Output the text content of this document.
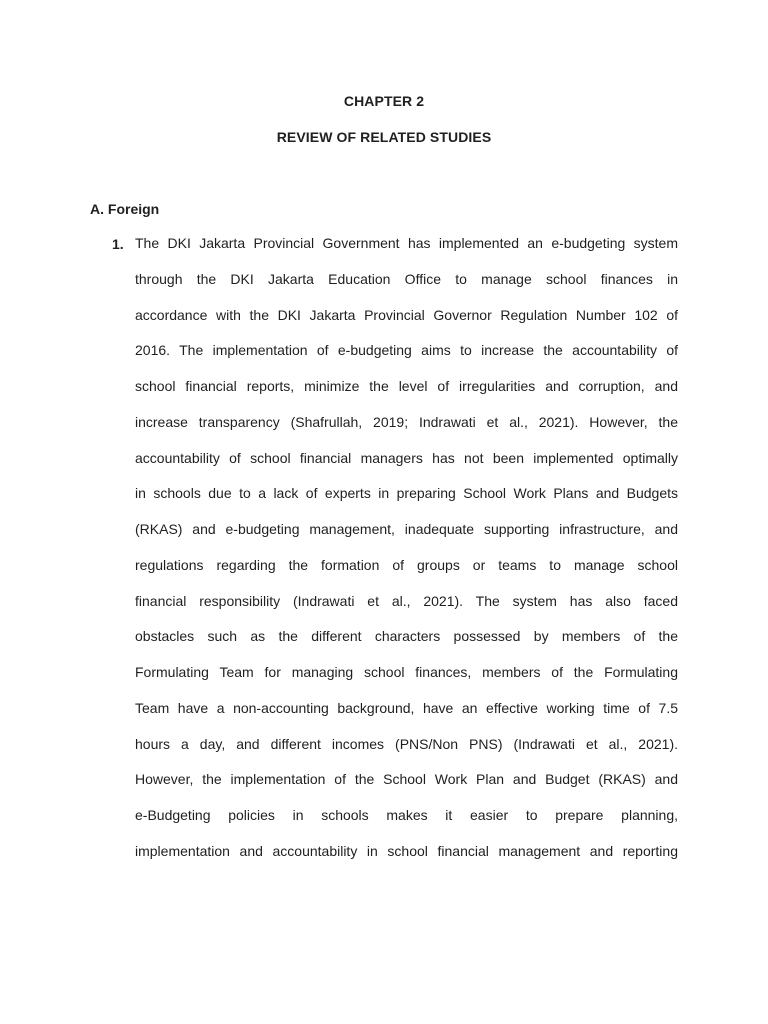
CHAPTER 2
REVIEW OF RELATED STUDIES
A. Foreign
1. The DKI Jakarta Provincial Government has implemented an e-budgeting system
through the DKI Jakarta Education Office to manage school finances in
accordance with the DKI Jakarta Provincial Governor Regulation Number 102 of
2016. The implementation of e-budgeting aims to increase the accountability of
school financial reports, minimize the level of irregularities and corruption, and
increase transparency (Shafrullah, 2019; Indrawati et al., 2021). However, the
accountability of school financial managers has not been implemented optimally
in schools due to a lack of experts in preparing School Work Plans and Budgets
(RKAS) and e-budgeting management, inadequate supporting infrastructure, and
regulations regarding the formation of groups or teams to manage school
financial responsibility (Indrawati et al., 2021). The system has also faced
obstacles such as the different characters possessed by members of the
Formulating Team for managing school finances, members of the Formulating
Team have a non-accounting background, have an effective working time of 7.5
hours a day, and different incomes (PNS/Non PNS) (Indrawati et al., 2021).
However, the implementation of the School Work Plan and Budget (RKAS) and
e-Budgeting policies in schools makes it easier to prepare planning,
implementation and accountability in school financial management and reporting
